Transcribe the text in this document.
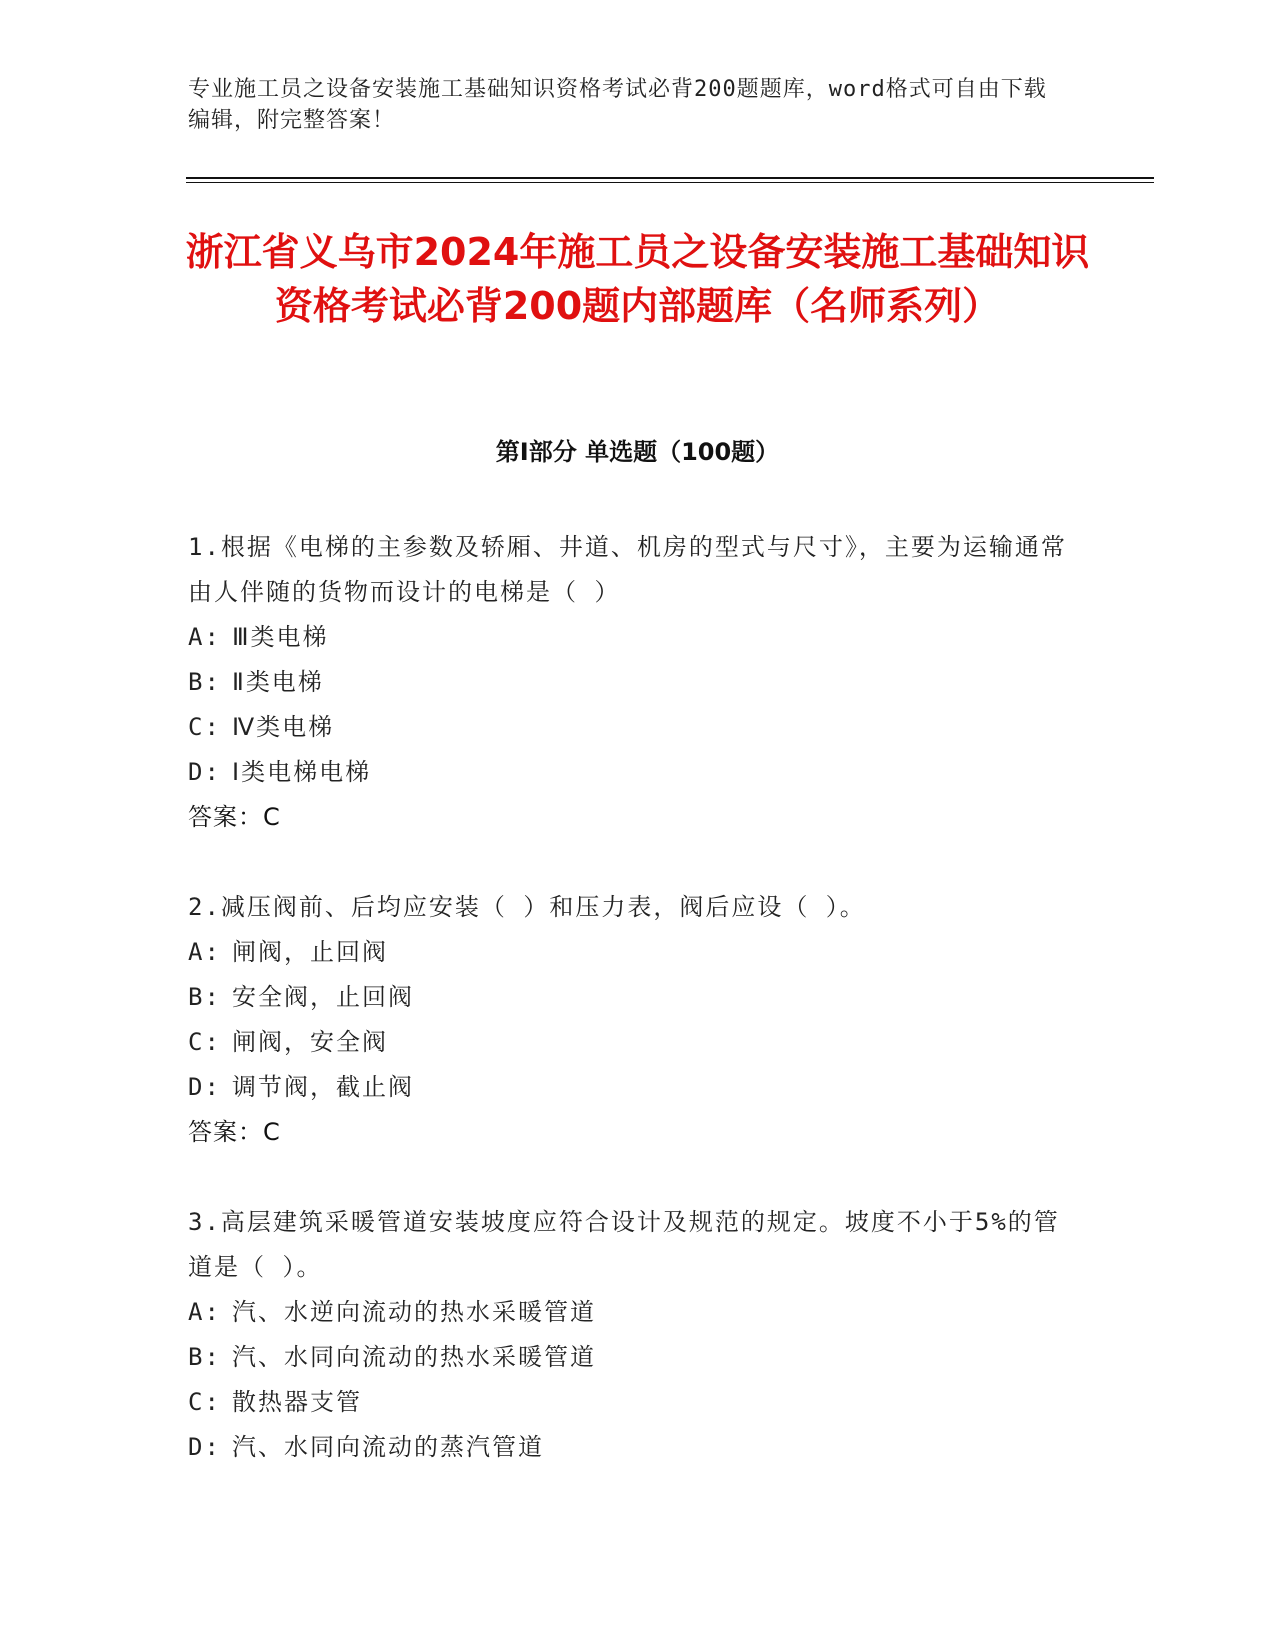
专业施工员之设备安装施工基础知识资格考试必背200题题库，word格式可自由下载编辑，附完整答案！
浙江省义乌市2024年施工员之设备安装施工基础知识资格考试必背200题内部题库（名师系列）
第Ⅰ部分 单选题（100题）
1.根据《电梯的主参数及轿厢、井道、机房的型式与尺寸》，主要为运输通常由人伴随的货物而设计的电梯是（ ）
A: Ⅲ类电梯
B: Ⅱ类电梯
C: Ⅳ类电梯
D: Ⅰ类电梯电梯
答案：C
2.减压阀前、后均应安装（ ）和压力表，阀后应设（ ）。
A: 闸阀，止回阀
B: 安全阀，止回阀
C: 闸阀，安全阀
D: 调节阀，截止阀
答案：C
3.高层建筑采暖管道安装坡度应符合设计及规范的规定。坡度不小于5%的管道是（ ）。
A: 汽、水逆向流动的热水采暖管道
B: 汽、水同向流动的热水采暖管道
C: 散热器支管
D: 汽、水同向流动的蒸汽管道
